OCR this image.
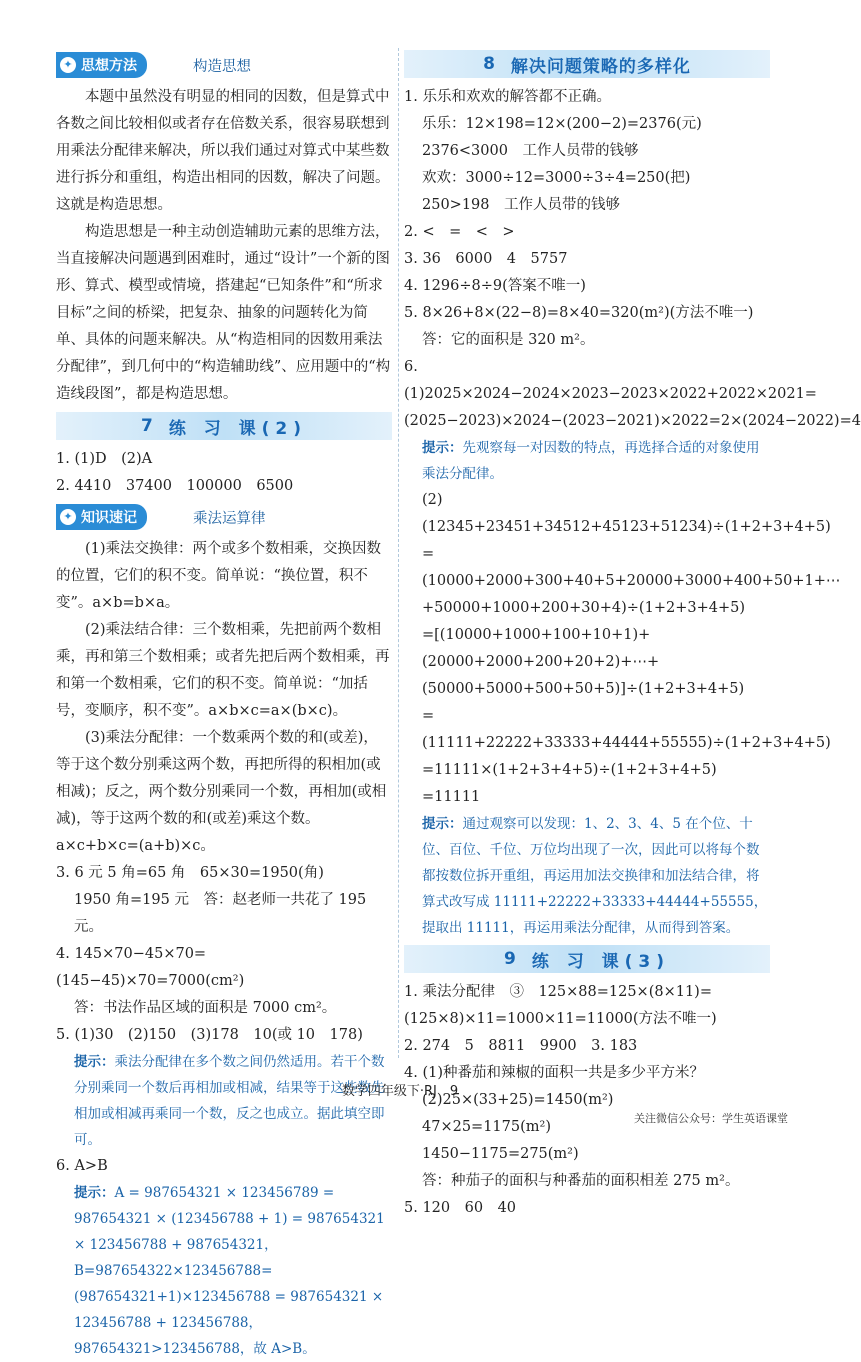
✦ 思想方法	构造思想

本题中虽然没有明显的相同的因数，但是算式中各数之间比较相似或者存在倍数关系，很容易联想到用乘法分配律来解决，所以我们通过对算式中某些数进行拆分和重组，构造出相同的因数，解决了问题。这就是构造思想。

构造思想是一种主动创造辅助元素的思维方法，当直接解决问题遇到困难时，通过“设计”一个新的图形、算式、模型或情境，搭建起“已知条件”和“所求目标”之间的桥梁，把复杂、抽象的问题转化为简单、具体的问题来解决。从“构造相同的因数用乘法分配律”，到几何中的“构造辅助线”、应用题中的“构造线段图”，都是构造思想。

7 练 习 课(2)

1. (1)D　(2)A

2. 4410　37400　100000　6500

✦ 知识速记	乘法运算律

(1)乘法交换律：两个或多个数相乘，交换因数的位置，它们的积不变。简单说：“换位置，积不变”。a×b=b×a。

(2)乘法结合律：三个数相乘，先把前两个数相乘，再和第三个数相乘；或者先把后两个数相乘，再和第一个数相乘，它们的积不变。简单说：“加括号，变顺序，积不变”。a×b×c=a×(b×c)。

(3)乘法分配律：一个数乘两个数的和(或差)，等于这个数分别乘这两个数，再把所得的积相加(或相减)；反之，两个数分别乘同一个数，再相加(或相减)，等于这两个数的和(或差)乘这个数。a×c+b×c=(a+b)×c。

3. 6 元 5 角=65 角　65×30=1950(角)

1950 角=195 元　答：赵老师一共花了 195 元。

4. 145×70−45×70=(145−45)×70=7000(cm²)

答：书法作品区域的面积是 7000 cm²。

5. (1)30　(2)150　(3)178　10(或 10　178)

提示：乘法分配律在多个数之间仍然适用。若干个数分别乘同一个数后再相加或相减，结果等于这些数先相加或相减再乘同一个数，反之也成立。据此填空即可。

6. A>B

提示：A = 987654321 × 123456789 = 987654321 × (123456788 + 1) = 987654321 × 123456788 + 987654321，B=987654322×123456788=(987654321+1)×123456788 = 987654321 × 123456788 + 123456788，987654321>123456788，故 A>B。

8 解决问题策略的多样化

1. 乐乐和欢欢的解答都不正确。

乐乐：12×198=12×(200−2)=2376(元)

2376<3000　工作人员带的钱够

欢欢：3000÷12=3000÷3÷4=250(把)

250>198　工作人员带的钱够

2. <　=　<　>

3. 36　6000　4　5757

4. 1296÷8÷9(答案不唯一)

5. 8×26+8×(22−8)=8×40=320(m²)(方法不唯一)

答：它的面积是 320 m²。

6. (1)2025×2024−2024×2023−2023×2022+2022×2021=(2025−2023)×2024−(2023−2021)×2022=2×(2024−2022)=4

提示：先观察每一对因数的特点，再选择合适的对象使用乘法分配律。

(2)(12345+23451+34512+45123+51234)÷(1+2+3+4+5)

=(10000+2000+300+40+5+20000+3000+400+50+1+⋯+50000+1000+200+30+4)÷(1+2+3+4+5)

=[(10000+1000+100+10+1)+(20000+2000+200+20+2)+⋯+(50000+5000+500+50+5)]÷(1+2+3+4+5)

=(11111+22222+33333+44444+55555)÷(1+2+3+4+5)

=11111×(1+2+3+4+5)÷(1+2+3+4+5)

=11111

提示：通过观察可以发现：1、2、3、4、5 在个位、十位、百位、千位、万位均出现了一次，因此可以将每个数都按数位拆开重组，再运用加法交换律和加法结合律，将算式改写成 11111+22222+33333+44444+55555，提取出 11111，再运用乘法分配律，从而得到答案。

9 练 习 课(3)

1. 乘法分配律　③　125×88=125×(8×11)=(125×8)×11=1000×11=11000(方法不唯一)

2. 274　5　8811　9900　3. 183

4. (1)种番茄和辣椒的面积一共是多少平方米？

(2)25×(33+25)=1450(m²)

47×25=1175(m²)

1450−1175=275(m²)

答：种茄子的面积与种番茄的面积相差 275 m²。

5. 120　60　40

数学四年级下·RJ　9
关注微信公众号：学生英语课堂
